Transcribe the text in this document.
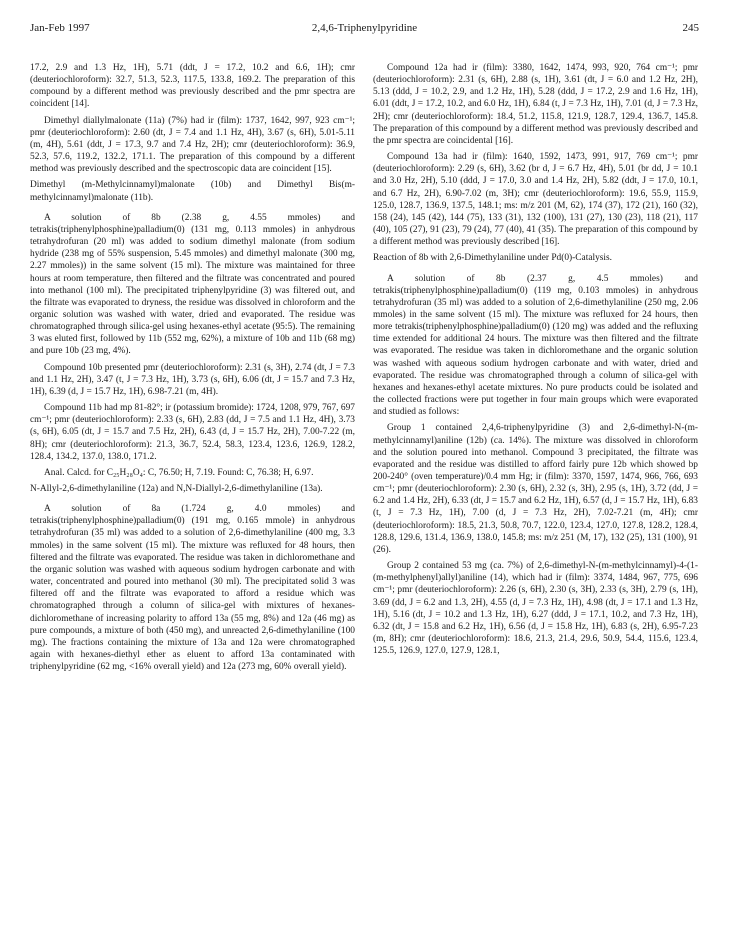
Jan-Feb 1997	2,4,6-Triphenylpyridine	245

17.2, 2.9 and 1.3 Hz, 1H), 5.71 (ddt, J = 17.2, 10.2 and 6.6, 1H); cmr (deuteriochloroform): 32.7, 51.3, 52.3, 117.5, 133.8, 169.2. The preparation of this compound by a different method was previously described and the pmr spectra are coincident [14].

Dimethyl diallylmalonate (11a) (7%) had ir (film): 1737, 1642, 997, 923 cm⁻¹; pmr (deuteriochloroform): 2.60 (dt, J = 7.4 and 1.1 Hz, 4H), 3.67 (s, 6H), 5.01-5.11 (m, 4H), 5.61 (ddt, J = 17.3, 9.7 and 7.4 Hz, 2H); cmr (deuteriochloroform): 36.9, 52.3, 57.6, 119.2, 132.2, 171.1. The preparation of this compound by a different method was previously described and the spectroscopic data are coincident [15].

Dimethyl (m-Methylcinnamyl)malonate (10b) and Dimethyl Bis(m-methylcinnamyl)malonate (11b).

A solution of 8b (2.38 g, 4.55 mmoles) and tetrakis(triphenylphosphine)palladium(0) (131 mg, 0.113 mmoles) in anhydrous tetrahydrofuran (20 ml) was added to sodium dimethyl malonate (from sodium hydride (238 mg of 55% suspension, 5.45 mmoles) and dimethyl malonate (300 mg, 2.27 mmoles)) in the same solvent (15 ml). The mixture was maintained for three hours at room temperature, then filtered and the filtrate was concentrated and poured into methanol (100 ml). The precipitated triphenylpyridine (3) was filtered out, and the filtrate was evaporated to dryness, the residue was dissolved in chloroform and the organic solution was washed with water, dried and evaporated. The residue was chromatographed through silica-gel using hexanes-ethyl acetate (95:5). The remaining 3 was eluted first, followed by 11b (552 mg, 62%), a mixture of 10b and 11b (68 mg) and pure 10b (23 mg, 4%).

Compound 10b presented pmr (deuteriochloroform): 2.31 (s, 3H), 2.74 (dt, J = 7.3 and 1.1 Hz, 2H), 3.47 (t, J = 7.3 Hz, 1H), 3.73 (s, 6H), 6.06 (dt, J = 15.7 and 7.3 Hz, 1H), 6.39 (d, J = 15.7 Hz, 1H), 6.98-7.21 (m, 4H).

Compound 11b had mp 81-82°; ir (potassium bromide): 1724, 1208, 979, 767, 697 cm⁻¹; pmr (deuteriochloroform): 2.33 (s, 6H), 2.83 (dd, J = 7.5 and 1.1 Hz, 4H), 3.73 (s, 6H), 6.05 (dt, J = 15.7 and 7.5 Hz, 2H), 6.43 (d, J = 15.7 Hz, 2H), 7.00-7.22 (m, 8H); cmr (deuteriochloroform): 21.3, 36.7, 52.4, 58.3, 123.4, 123.6, 126.9, 128.2, 128.4, 134.2, 137.0, 138.0, 171.2.

Anal. Calcd. for C₂₅H₂₈O₄: C, 76.50; H, 7.19. Found: C, 76.38; H, 6.97.

N-Allyl-2,6-dimethylaniline (12a) and N,N-Diallyl-2,6-dimethylaniline (13a).

A solution of 8a (1.724 g, 4.0 mmoles) and tetrakis(triphenylphosphine)palladium(0) (191 mg, 0.165 mmole) in anhydrous tetrahydrofuran (35 ml) was added to a solution of 2,6-dimethylaniline (400 mg, 3.3 mmoles) in the same solvent (15 ml). The mixture was refluxed for 48 hours, then filtered and the filtrate was evaporated. The residue was taken in dichloromethane and the organic solution was washed with aqueous sodium hydrogen carbonate and with water, concentrated and poured into methanol (30 ml). The precipitated solid 3 was filtered off and the filtrate was evaporated to afford a residue which was chromatographed through a column of silica-gel with mixtures of hexanes-dichloromethane of increasing polarity to afford 13a (55 mg, 8%) and 12a (46 mg) as pure compounds, a mixture of both (450 mg), and unreacted 2,6-dimethylaniline (100 mg). The fractions containing the mixture of 13a and 12a were chromatographed again with hexanes-diethyl ether as eluent to afford 13a contaminated with triphenylpyridine (62 mg, <16% overall yield) and 12a (273 mg, 60% overall yield).

Compound 12a had ir (film): 3380, 1642, 1474, 993, 920, 764 cm⁻¹; pmr (deuteriochloroform): 2.31 (s, 6H), 2.88 (s, 1H), 3.61 (dt, J = 6.0 and 1.2 Hz, 2H), 5.13 (ddd, J = 10.2, 2.9, and 1.2 Hz, 1H), 5.28 (ddd, J = 17.2, 2.9 and 1.6 Hz, 1H), 6.01 (ddt, J = 17.2, 10.2, and 6.0 Hz, 1H), 6.84 (t, J = 7.3 Hz, 1H), 7.01 (d, J = 7.3 Hz, 2H); cmr (deuteriochloroform): 18.4, 51.2, 115.8, 121.9, 128.7, 129.4, 136.7, 145.8. The preparation of this compound by a different method was previously described and the pmr spectra are coincidental [16].

Compound 13a had ir (film): 1640, 1592, 1473, 991, 917, 769 cm⁻¹; pmr (deuteriochloroform): 2.29 (s, 6H), 3.62 (br d, J = 6.7 Hz, 4H), 5.01 (br dd, J = 10.1 and 3.0 Hz, 2H), 5.10 (ddd, J = 17.0, 3.0 and 1.4 Hz, 2H), 5.82 (ddt, J = 17.0, 10.1, and 6.7 Hz, 2H), 6.90-7.02 (m, 3H); cmr (deuteriochloroform): 19.6, 55.9, 115.9, 125.0, 128.7, 136.9, 137.5, 148.1; ms: m/z 201 (M, 62), 174 (37), 172 (21), 160 (32), 158 (24), 145 (42), 144 (75), 133 (31), 132 (100), 131 (27), 130 (23), 118 (21), 117 (40), 105 (27), 91 (23), 79 (24), 77 (40), 41 (35). The preparation of this compound by a different method was previously described [16].

Reaction of 8b with 2,6-Dimethylaniline under Pd(0)-Catalysis.

A solution of 8b (2.37 g, 4.5 mmoles) and tetrakis(triphenylphosphine)palladium(0) (119 mg, 0.103 mmoles) in anhydrous tetrahydrofuran (35 ml) was added to a solution of 2,6-dimethylaniline (250 mg, 2.06 mmoles) in the same solvent (15 ml). The mixture was refluxed for 24 hours, then more tetrakis(triphenylphosphine)palladium(0) (120 mg) was added and the refluxing time extended for additional 24 hours. The mixture was then filtered and the filtrate was evaporated. The residue was taken in dichloromethane and the organic solution was washed with aqueous sodium hydrogen carbonate and with water, dried and evaporated. The residue was chromatographed through a column of silica-gel with hexanes and hexanes-ethyl acetate mixtures. No pure products could be isolated and the collected fractions were put together in four main groups which were evaporated and studied as follows:

Group 1 contained 2,4,6-triphenylpyridine (3) and 2,6-dimethyl-N-(m-methylcinnamyl)aniline (12b) (ca. 14%). The mixture was dissolved in chloroform and the solution poured into methanol. Compound 3 precipitated, the filtrate was evaporated and the residue was distilled to afford fairly pure 12b which showed bp 200-240° (oven temperature)/0.4 mm Hg; ir (film): 3370, 1597, 1474, 966, 766, 693 cm⁻¹; pmr (deuteriochloroform): 2.30 (s, 6H), 2.32 (s, 3H), 2.95 (s, 1H), 3.72 (dd, J = 6.2 and 1.4 Hz, 2H), 6.33 (dt, J = 15.7 and 6.2 Hz, 1H), 6.57 (d, J = 15.7 Hz, 1H), 6.83 (t, J = 7.3 Hz, 1H), 7.00 (d, J = 7.3 Hz, 2H), 7.02-7.21 (m, 4H); cmr (deuteriochloroform): 18.5, 21.3, 50.8, 70.7, 122.0, 123.4, 127.0, 127.8, 128.2, 128.4, 128.8, 129.6, 131.4, 136.9, 138.0, 145.8; ms: m/z 251 (M, 17), 132 (25), 131 (100), 91 (26).

Group 2 contained 53 mg (ca. 7%) of 2,6-dimethyl-N-(m-methylcinnamyl)-4-(1-(m-methylphenyl)allyl)aniline (14), which had ir (film): 3374, 1484, 967, 775, 696 cm⁻¹; pmr (deuteriochloroform): 2.26 (s, 6H), 2.30 (s, 3H), 2.33 (s, 3H), 2.79 (s, 1H), 3.69 (dd, J = 6.2 and 1.3, 2H), 4.55 (d, J = 7.3 Hz, 1H), 4.98 (dt, J = 17.1 and 1.3 Hz, 1H), 5.16 (dt, J = 10.2 and 1.3 Hz, 1H), 6.27 (ddd, J = 17.1, 10.2, and 7.3 Hz, 1H), 6.32 (dt, J = 15.8 and 6.2 Hz, 1H), 6.56 (d, J = 15.8 Hz, 1H), 6.83 (s, 2H), 6.95-7.23 (m, 8H); cmr (deuteriochloroform): 18.6, 21.3, 21.4, 29.6, 50.9, 54.4, 115.6, 123.4, 125.5, 126.9, 127.0, 127.9, 128.1,
